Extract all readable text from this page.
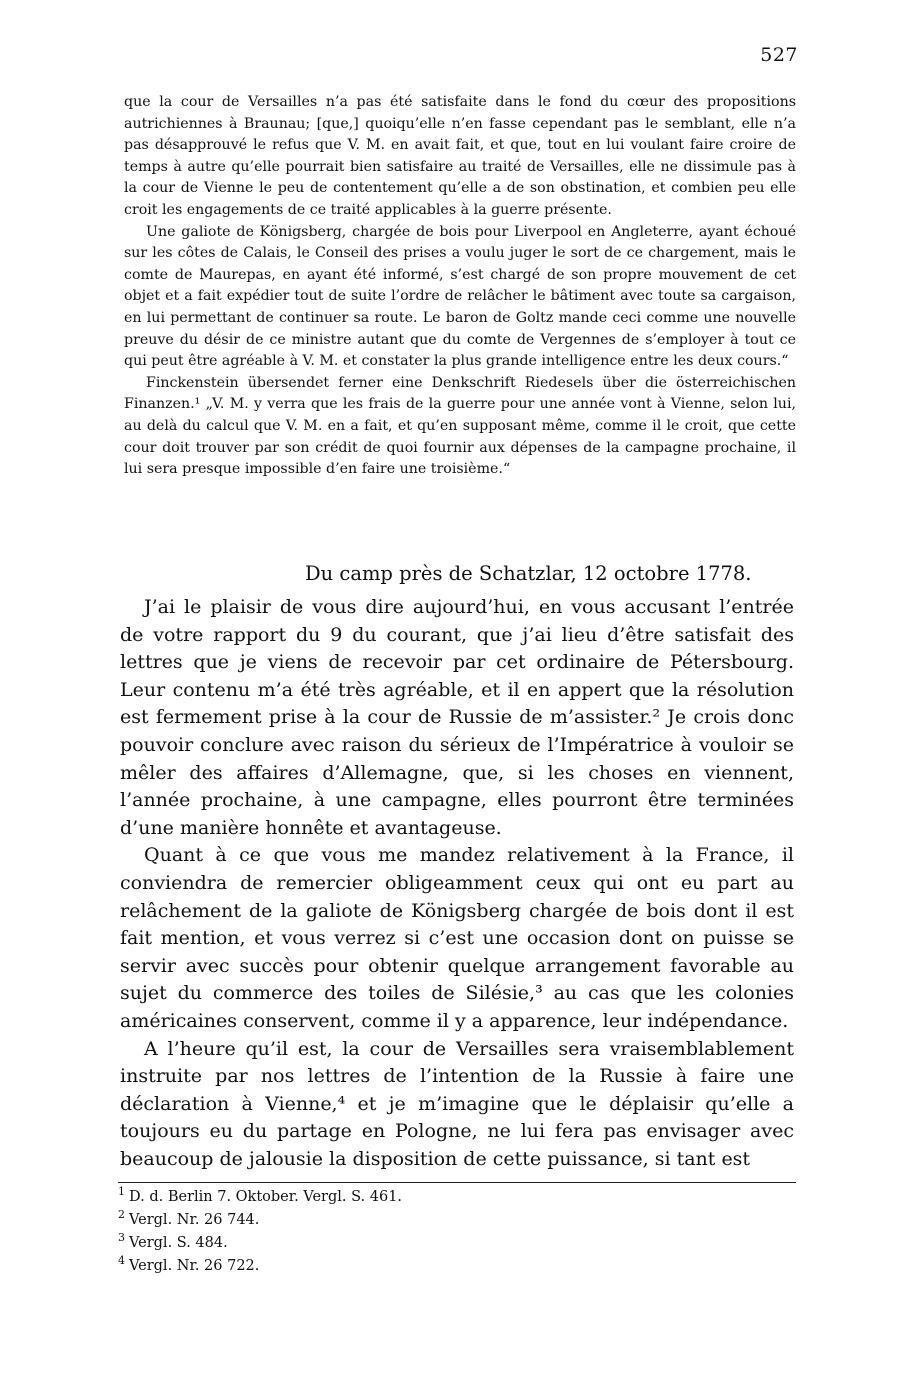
527

que la cour de Versailles n’a pas été satisfaite dans le fond du cœur des propositions autrichiennes à Braunau; [que,] quoiqu’elle n’en fasse cependant pas le semblant, elle n’a pas désapprouvé le refus que V. M. en avait fait, et que, tout en lui voulant faire croire de temps à autre qu’elle pourrait bien satisfaire au traité de Versailles, elle ne dissimule pas à la cour de Vienne le peu de contentement qu’elle a de son obstination, et combien peu elle croit les engagements de ce traité applicables à la guerre présente.

Une galiote de Königsberg, chargée de bois pour Liverpool en Angleterre, ayant échoué sur les côtes de Calais, le Conseil des prises a voulu juger le sort de ce chargement, mais le comte de Maurepas, en ayant été informé, s’est chargé de son propre mouvement de cet objet et a fait expédier tout de suite l’ordre de relâcher le bâtiment avec toute sa cargaison, en lui permettant de continuer sa route. Le baron de Goltz mande ceci comme une nouvelle preuve du désir de ce ministre autant que du comte de Vergennes de s’employer à tout ce qui peut être agréable à V. M. et constater la plus grande intelligence entre les deux cours.“

Finckenstein übersendet ferner eine Denkschrift Riedesels über die österreichischen Finanzen.¹ „V. M. y verra que les frais de la guerre pour une année vont à Vienne, selon lui, au delà du calcul que V. M. en a fait, et qu’en supposant même, comme il le croit, que cette cour doit trouver par son crédit de quoi fournir aux dépenses de la campagne prochaine, il lui sera presque impossible d’en faire une troisième.“

Du camp près de Schatzlar, 12 octobre 1778.

J’ai le plaisir de vous dire aujourd’hui, en vous accusant l’entrée de votre rapport du 9 du courant, que j’ai lieu d’être satisfait des lettres que je viens de recevoir par cet ordinaire de Pétersbourg. Leur contenu m’a été très agréable, et il en appert que la résolution est fermement prise à la cour de Russie de m’assister.² Je crois donc pouvoir conclure avec raison du sérieux de l’Impératrice à vouloir se mêler des affaires d’Allemagne, que, si les choses en viennent, l’année prochaine, à une campagne, elles pourront être terminées d’une manière honnête et avantageuse.

Quant à ce que vous me mandez relativement à la France, il conviendra de remercier obligeamment ceux qui ont eu part au relâchement de la galiote de Königsberg chargée de bois dont il est fait mention, et vous verrez si c’est une occasion dont on puisse se servir avec succès pour obtenir quelque arrangement favorable au sujet du commerce des toiles de Silésie,³ au cas que les colonies américaines conservent, comme il y a apparence, leur indépendance.

A l’heure qu’il est, la cour de Versailles sera vraisemblablement instruite par nos lettres de l’intention de la Russie à faire une déclaration à Vienne,⁴ et je m’imagine que le déplaisir qu’elle a toujours eu du partage en Pologne, ne lui fera pas envisager avec beaucoup de jalousie la disposition de cette puissance, si tant est

$^1$ D. d. Berlin 7. Oktober. Vergl. S. 461.
$^2$ Vergl. Nr. 26 744.
$^3$ Vergl. S. 484.
$^4$ Vergl. Nr. 26 722.
